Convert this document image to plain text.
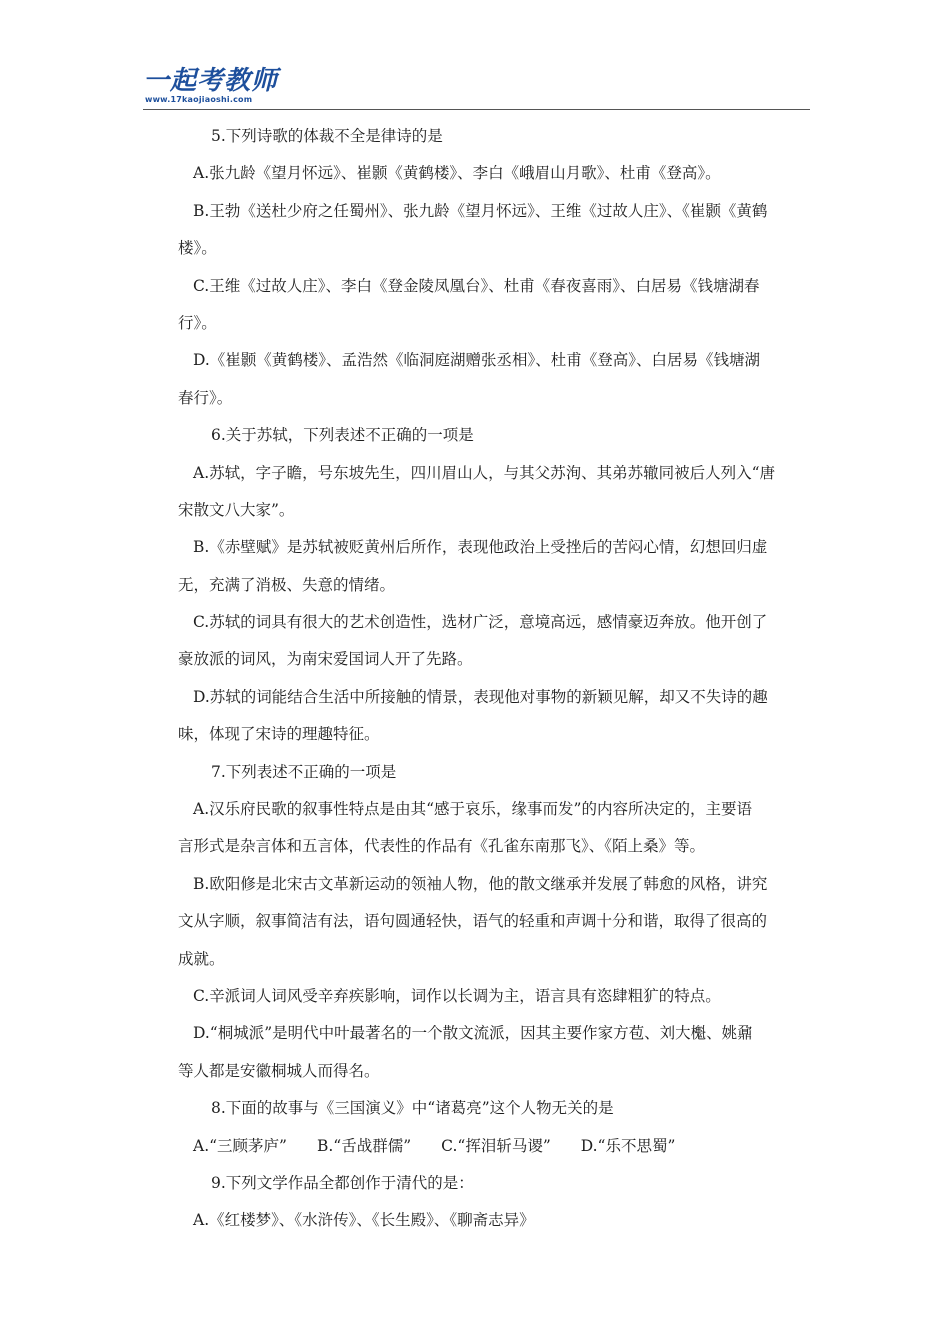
一起考教师
www.17kaojiaoshi.com
5.下列诗歌的体裁不全是律诗的是
A.张九龄《望月怀远》、崔颢《黄鹤楼》、李白《峨眉山月歌》、杜甫《登高》。
B.王勃《送杜少府之任蜀州》、张九龄《望月怀远》、王维《过故人庄》、《崔颢《黄鹤
楼》。
C.王维《过故人庄》、李白《登金陵凤凰台》、杜甫《春夜喜雨》、白居易《钱塘湖春
行》。
D.《崔颢《黄鹤楼》、孟浩然《临洞庭湖赠张丞相》、杜甫《登高》、白居易《钱塘湖
春行》。
6.关于苏轼，下列表述不正确的一项是
A.苏轼，字子瞻，号东坡先生，四川眉山人，与其父苏洵、其弟苏辙同被后人列入“唐
宋散文八大家”。
B.《赤壁赋》是苏轼被贬黄州后所作，表现他政治上受挫后的苦闷心情，幻想回归虚
无，充满了消极、失意的情绪。
C.苏轼的词具有很大的艺术创造性，选材广泛，意境高远，感情豪迈奔放。他开创了
豪放派的词风，为南宋爱国词人开了先路。
D.苏轼的词能结合生活中所接触的情景，表现他对事物的新颖见解，却又不失诗的趣
味，体现了宋诗的理趣特征。
7.下列表述不正确的一项是
A.汉乐府民歌的叙事性特点是由其“感于哀乐，缘事而发”的内容所决定的，主要语
言形式是杂言体和五言体，代表性的作品有《孔雀东南那飞》、《陌上桑》等。
B.欧阳修是北宋古文革新运动的领袖人物，他的散文继承并发展了韩愈的风格，讲究
文从字顺，叙事简洁有法，语句圆通轻快，语气的轻重和声调十分和谐，取得了很高的
成就。
C.辛派词人词风受辛弃疾影响，词作以长调为主，语言具有恣肆粗犷的特点。
D.“桐城派”是明代中叶最著名的一个散文流派，因其主要作家方苞、刘大櫆、姚鼐
等人都是安徽桐城人而得名。
8.下面的故事与《三国演义》中“诸葛亮”这个人物无关的是
A.“三顾茅庐” B.“舌战群儒” C.“挥泪斩马谡” D.“乐不思蜀”
9.下列文学作品全都创作于清代的是：
A.《红楼梦》、《水浒传》、《长生殿》、《聊斋志异》
